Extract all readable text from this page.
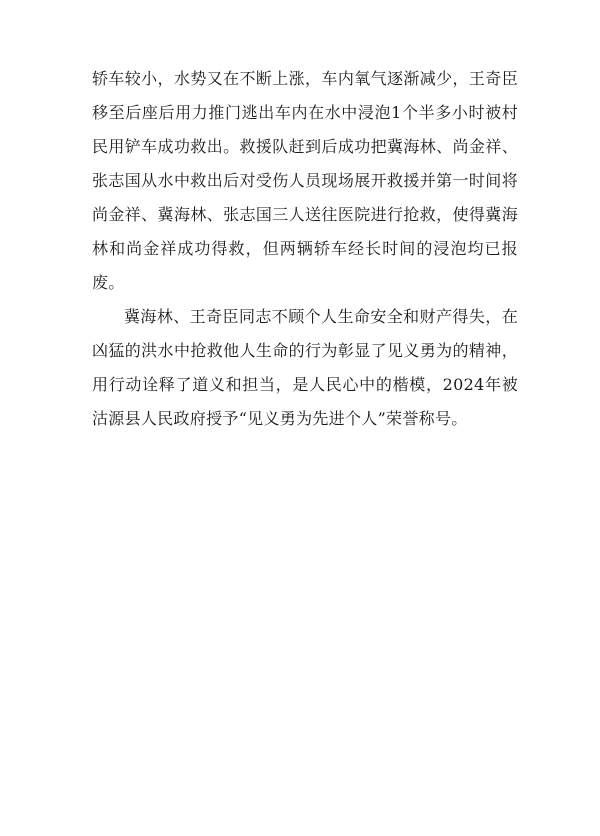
轿车较小，水势又在不断上涨，车内氧气逐渐减少，王奇臣移至后座后用力推门逃出车内在水中浸泡1个半多小时被村民用铲车成功救出。救援队赶到后成功把冀海林、尚金祥、张志国从水中救出后对受伤人员现场展开救援并第一时间将尚金祥、冀海林、张志国三人送往医院进行抢救，使得冀海林和尚金祥成功得救，但两辆轿车经长时间的浸泡均已报废。

冀海林、王奇臣同志不顾个人生命安全和财产得失，在凶猛的洪水中抢救他人生命的行为彰显了见义勇为的精神，用行动诠释了道义和担当，是人民心中的楷模，2024年被沽源县人民政府授予“见义勇为先进个人”荣誉称号。
